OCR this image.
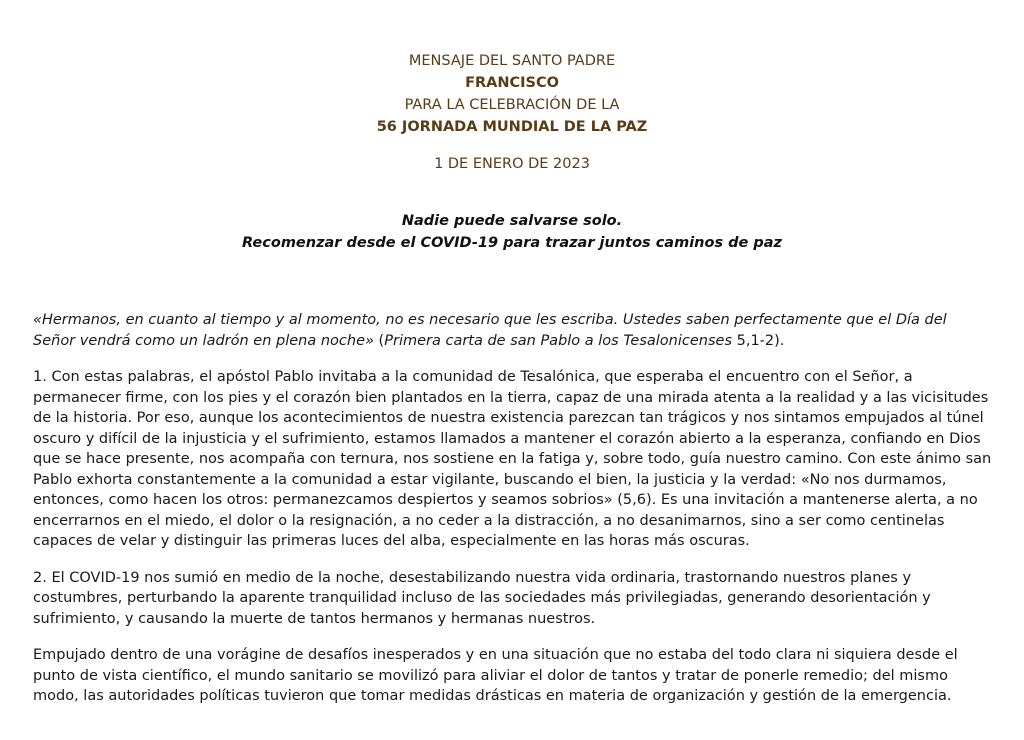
MENSAJE DEL SANTO PADRE
FRANCISCO
PARA LA CELEBRACIÓN DE LA
56 JORNADA MUNDIAL DE LA PAZ
1 DE ENERO DE 2023
Nadie puede salvarse solo.
Recomenzar desde el COVID-19 para trazar juntos caminos de paz

«Hermanos, en cuanto al tiempo y al momento, no es necesario que les escriba. Ustedes saben perfectamente que el Día del Señor vendrá como un ladrón en plena noche» (Primera carta de san Pablo a los Tesalonicenses 5,1-2).

1. Con estas palabras, el apóstol Pablo invitaba a la comunidad de Tesalónica, que esperaba el encuentro con el Señor, a permanecer firme, con los pies y el corazón bien plantados en la tierra, capaz de una mirada atenta a la realidad y a las vicisitudes de la historia. Por eso, aunque los acontecimientos de nuestra existencia parezcan tan trágicos y nos sintamos empujados al túnel oscuro y difícil de la injusticia y el sufrimiento, estamos llamados a mantener el corazón abierto a la esperanza, confiando en Dios que se hace presente, nos acompaña con ternura, nos sostiene en la fatiga y, sobre todo, guía nuestro camino. Con este ánimo san Pablo exhorta constantemente a la comunidad a estar vigilante, buscando el bien, la justicia y la verdad: «No nos durmamos, entonces, como hacen los otros: permanezcamos despiertos y seamos sobrios» (5,6). Es una invitación a mantenerse alerta, a no encerrarnos en el miedo, el dolor o la resignación, a no ceder a la distracción, a no desanimarnos, sino a ser como centinelas capaces de velar y distinguir las primeras luces del alba, especialmente en las horas más oscuras.

2. El COVID-19 nos sumió en medio de la noche, desestabilizando nuestra vida ordinaria, trastornando nuestros planes y costumbres, perturbando la aparente tranquilidad incluso de las sociedades más privilegiadas, generando desorientación y sufrimiento, y causando la muerte de tantos hermanos y hermanas nuestros.

Empujado dentro de una vorágine de desafíos inesperados y en una situación que no estaba del todo clara ni siquiera desde el punto de vista científico, el mundo sanitario se movilizó para aliviar el dolor de tantos y tratar de ponerle remedio; del mismo modo, las autoridades políticas tuvieron que tomar medidas drásticas en materia de organización y gestión de la emergencia.
